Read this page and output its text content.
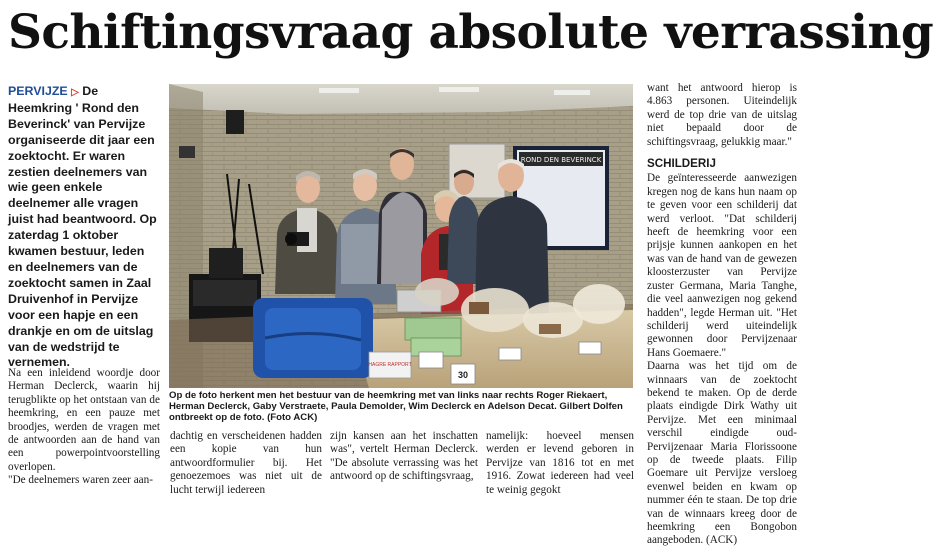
Schiftingsvraag absolute verrassing
PERVIJZE ▷ De Heemkring ' Rond den Beverinck' van Pervijze organiseerde dit jaar een zoektocht. Er waren zestien deelnemers van wie geen enkele deelnemer alle vragen juist had beantwoord. Op zaterdag 1 oktober kwamen bestuur, leden en deelnemers van de zoektocht samen in Zaal Druivenhof in Pervijze voor een hapje en een drankje en om de uitslag van de wedstrijd te vernemen.

Na een inleidend woordje door Herman Declerck, waarin hij terugblikte op het ontstaan van de heemkring, en een pauze met broodjes, werden de vragen met de antwoorden aan de hand van een powerpointvoorstelling overlopen.

"De deelnemers waren zeer aan-

ROND DEN BEVERINCK
HAGRE RAPPORT
30
Op de foto herkent men het bestuur van de heemkring met van links naar rechts Roger Riekaert, Herman Declerck, Gaby Verstraete, Paula Demolder, Wim Declerck en Adelson Decat. Gilbert Dolfen ontbreekt op de foto. (Foto ACK)

dachtig en verscheidenen hadden een kopie van hun antwoordformulier bij. Het genoezemoes was niet uit de lucht terwijl iedereen

zijn kansen aan het inschatten was", vertelt Herman Declerck. "De absolute verrassing was het antwoord op de schiftingsvraag,

namelijk: hoeveel mensen werden er levend geboren in Pervijze van 1816 tot en met 1916. Zowat iedereen had veel te weinig gegokt

want het antwoord hierop is 4.863 personen. Uiteindelijk werd de top drie van de uitslag niet bepaald door de schiftingsvraag, gelukkig maar."

SCHILDERIJ

De geïnteresseerde aanwezigen kregen nog de kans hun naam op te geven voor een schilderij dat werd verloot. "Dat schilderij heeft de heemkring voor een prijsje kunnen aankopen en het was van de hand van de gewezen kloosterzuster van Pervijze zuster Germana, Maria Tanghe, die veel aanwezigen nog gekend hadden", legde Herman uit. "Het schilderij werd uiteindelijk gewonnen door Pervijzenaar Hans Goemaere."

Daarna was het tijd om de winnaars van de zoektocht bekend te maken. Op de derde plaats eindigde Dirk Wathy uit Pervijze. Met een minimaal verschil eindigde oud-Pervijzenaar Maria Florissoone op de tweede plaats. Filip Goemare uit Pervijze versloeg evenwel beiden en kwam op nummer één te staan. De top drie van de winnaars kreeg door de heemkring een Bongobon aangeboden. (ACK)
